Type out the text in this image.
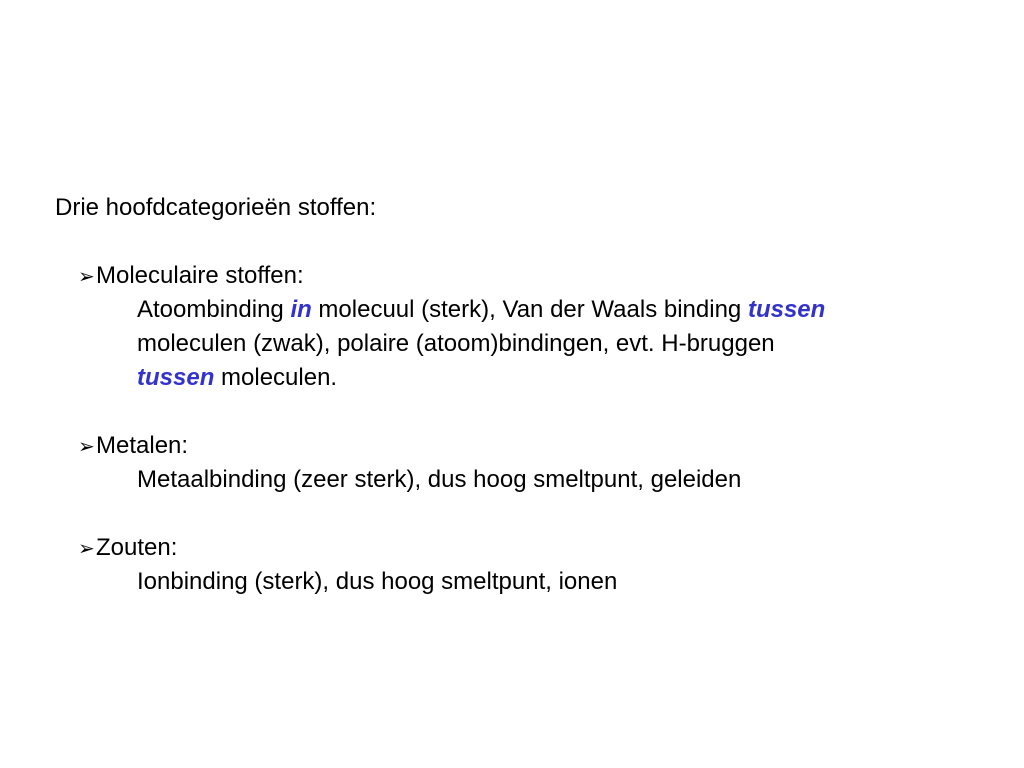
Drie hoofdcategorieën stoffen:
➢Moleculaire stoffen:
Atoombinding in molecuul (sterk), Van der Waals binding tussen
moleculen (zwak), polaire (atoom)bindingen, evt. H-bruggen
tussen moleculen.
➢Metalen:
Metaalbinding (zeer sterk), dus hoog smeltpunt, geleiden
➢Zouten:
Ionbinding (sterk), dus hoog smeltpunt, ionen
